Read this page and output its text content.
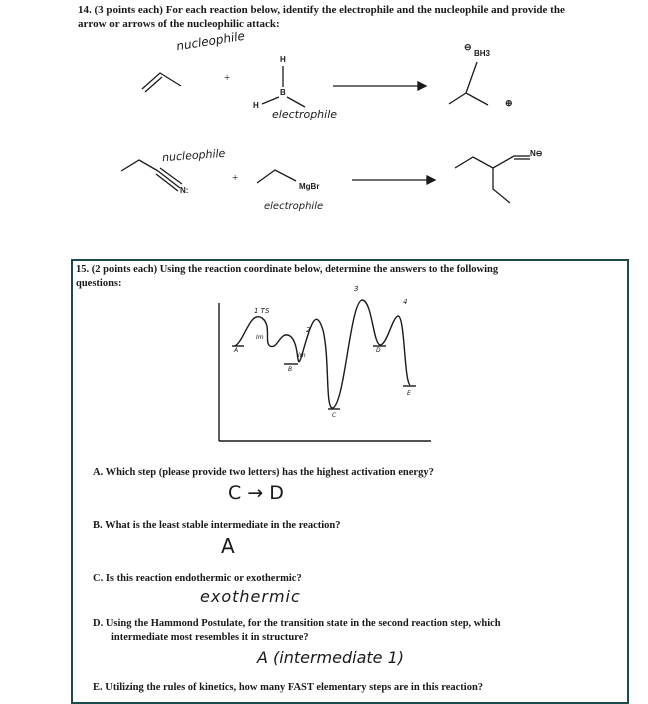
14. (3 points each) For each reaction below, identify the electrophile and the nucleophile and provide the
arrow or arrows of the nucleophilic attack:
nucleophile
+
H
B
H
electrophile
⊖
BH3
⊕
nucleophile
N:
+
MgBr
electrophile
N⊖
15. (2 points each) Using the reaction coordinate below, determine the answers to the following
questions:
1 TS
Im
2
3
4
A
Im
B
C
D
E
A. Which step (please provide two letters) has the highest activation energy?
C → D
B. What is the least stable intermediate in the reaction?
A
C. Is this reaction endothermic or exothermic?
exothermic
D. Using the Hammond Postulate, for the transition state in the second reaction step, which
intermediate most resembles it in structure?
A (intermediate 1)
E. Utilizing the rules of kinetics, how many FAST elementary steps are in this reaction?
